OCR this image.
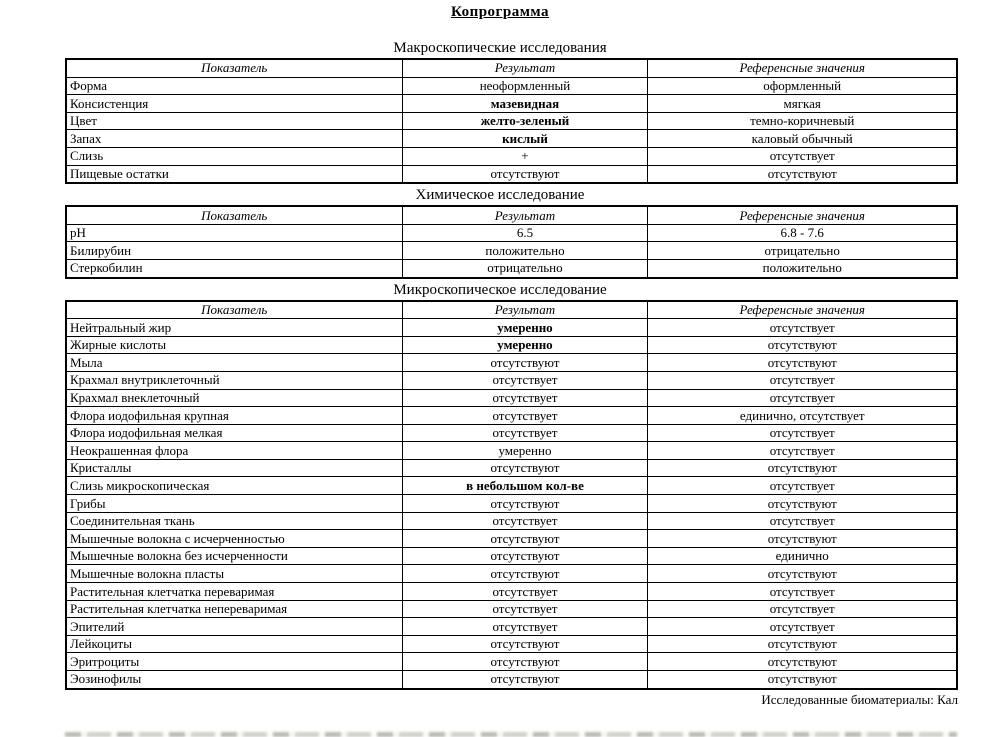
Копрограмма
Макроскопические исследования
Показатель	Результат	Референсные значения
Форма	неоформленный	оформленный
Консистенция	мазевидная	мягкая
Цвет	желто-зеленый	темно-коричневый
Запах	кислый	каловый обычный
Слизь	+	отсутствует
Пищевые остатки	отсутствуют	отсутствуют
Химическое исследование
Показатель	Результат	Референсные значения
pH	6.5	6.8 - 7.6
Билирубин	положительно	отрицательно
Стеркобилин	отрицательно	положительно
Микроскопическое исследование
Показатель	Результат	Референсные значения
Нейтральный жир	умеренно	отсутствует
Жирные кислоты	умеренно	отсутствуют
Мыла	отсутствуют	отсутствуют
Крахмал внутриклеточный	отсутствует	отсутствует
Крахмал внеклеточный	отсутствует	отсутствует
Флора иодофильная крупная	отсутствует	единично, отсутствует
Флора иодофильная мелкая	отсутствует	отсутствует
Неокрашенная флора	умеренно	отсутствует
Кристаллы	отсутствуют	отсутствуют
Слизь микроскопическая	в небольшом кол-ве	отсутствует
Грибы	отсутствуют	отсутствуют
Соединительная ткань	отсутствует	отсутствует
Мышечные волокна с исчерченностью	отсутствуют	отсутствуют
Мышечные волокна без исчерченности	отсутствуют	единично
Мышечные волокна пласты	отсутствуют	отсутствуют
Растительная клетчатка переваримая	отсутствует	отсутствует
Растительная клетчатка непереваримая	отсутствует	отсутствует
Эпителий	отсутствует	отсутствует
Лейкоциты	отсутствуют	отсутствуют
Эритроциты	отсутствуют	отсутствуют
Эозинофилы	отсутствуют	отсутствуют
Исследованные биоматериалы: Кал
